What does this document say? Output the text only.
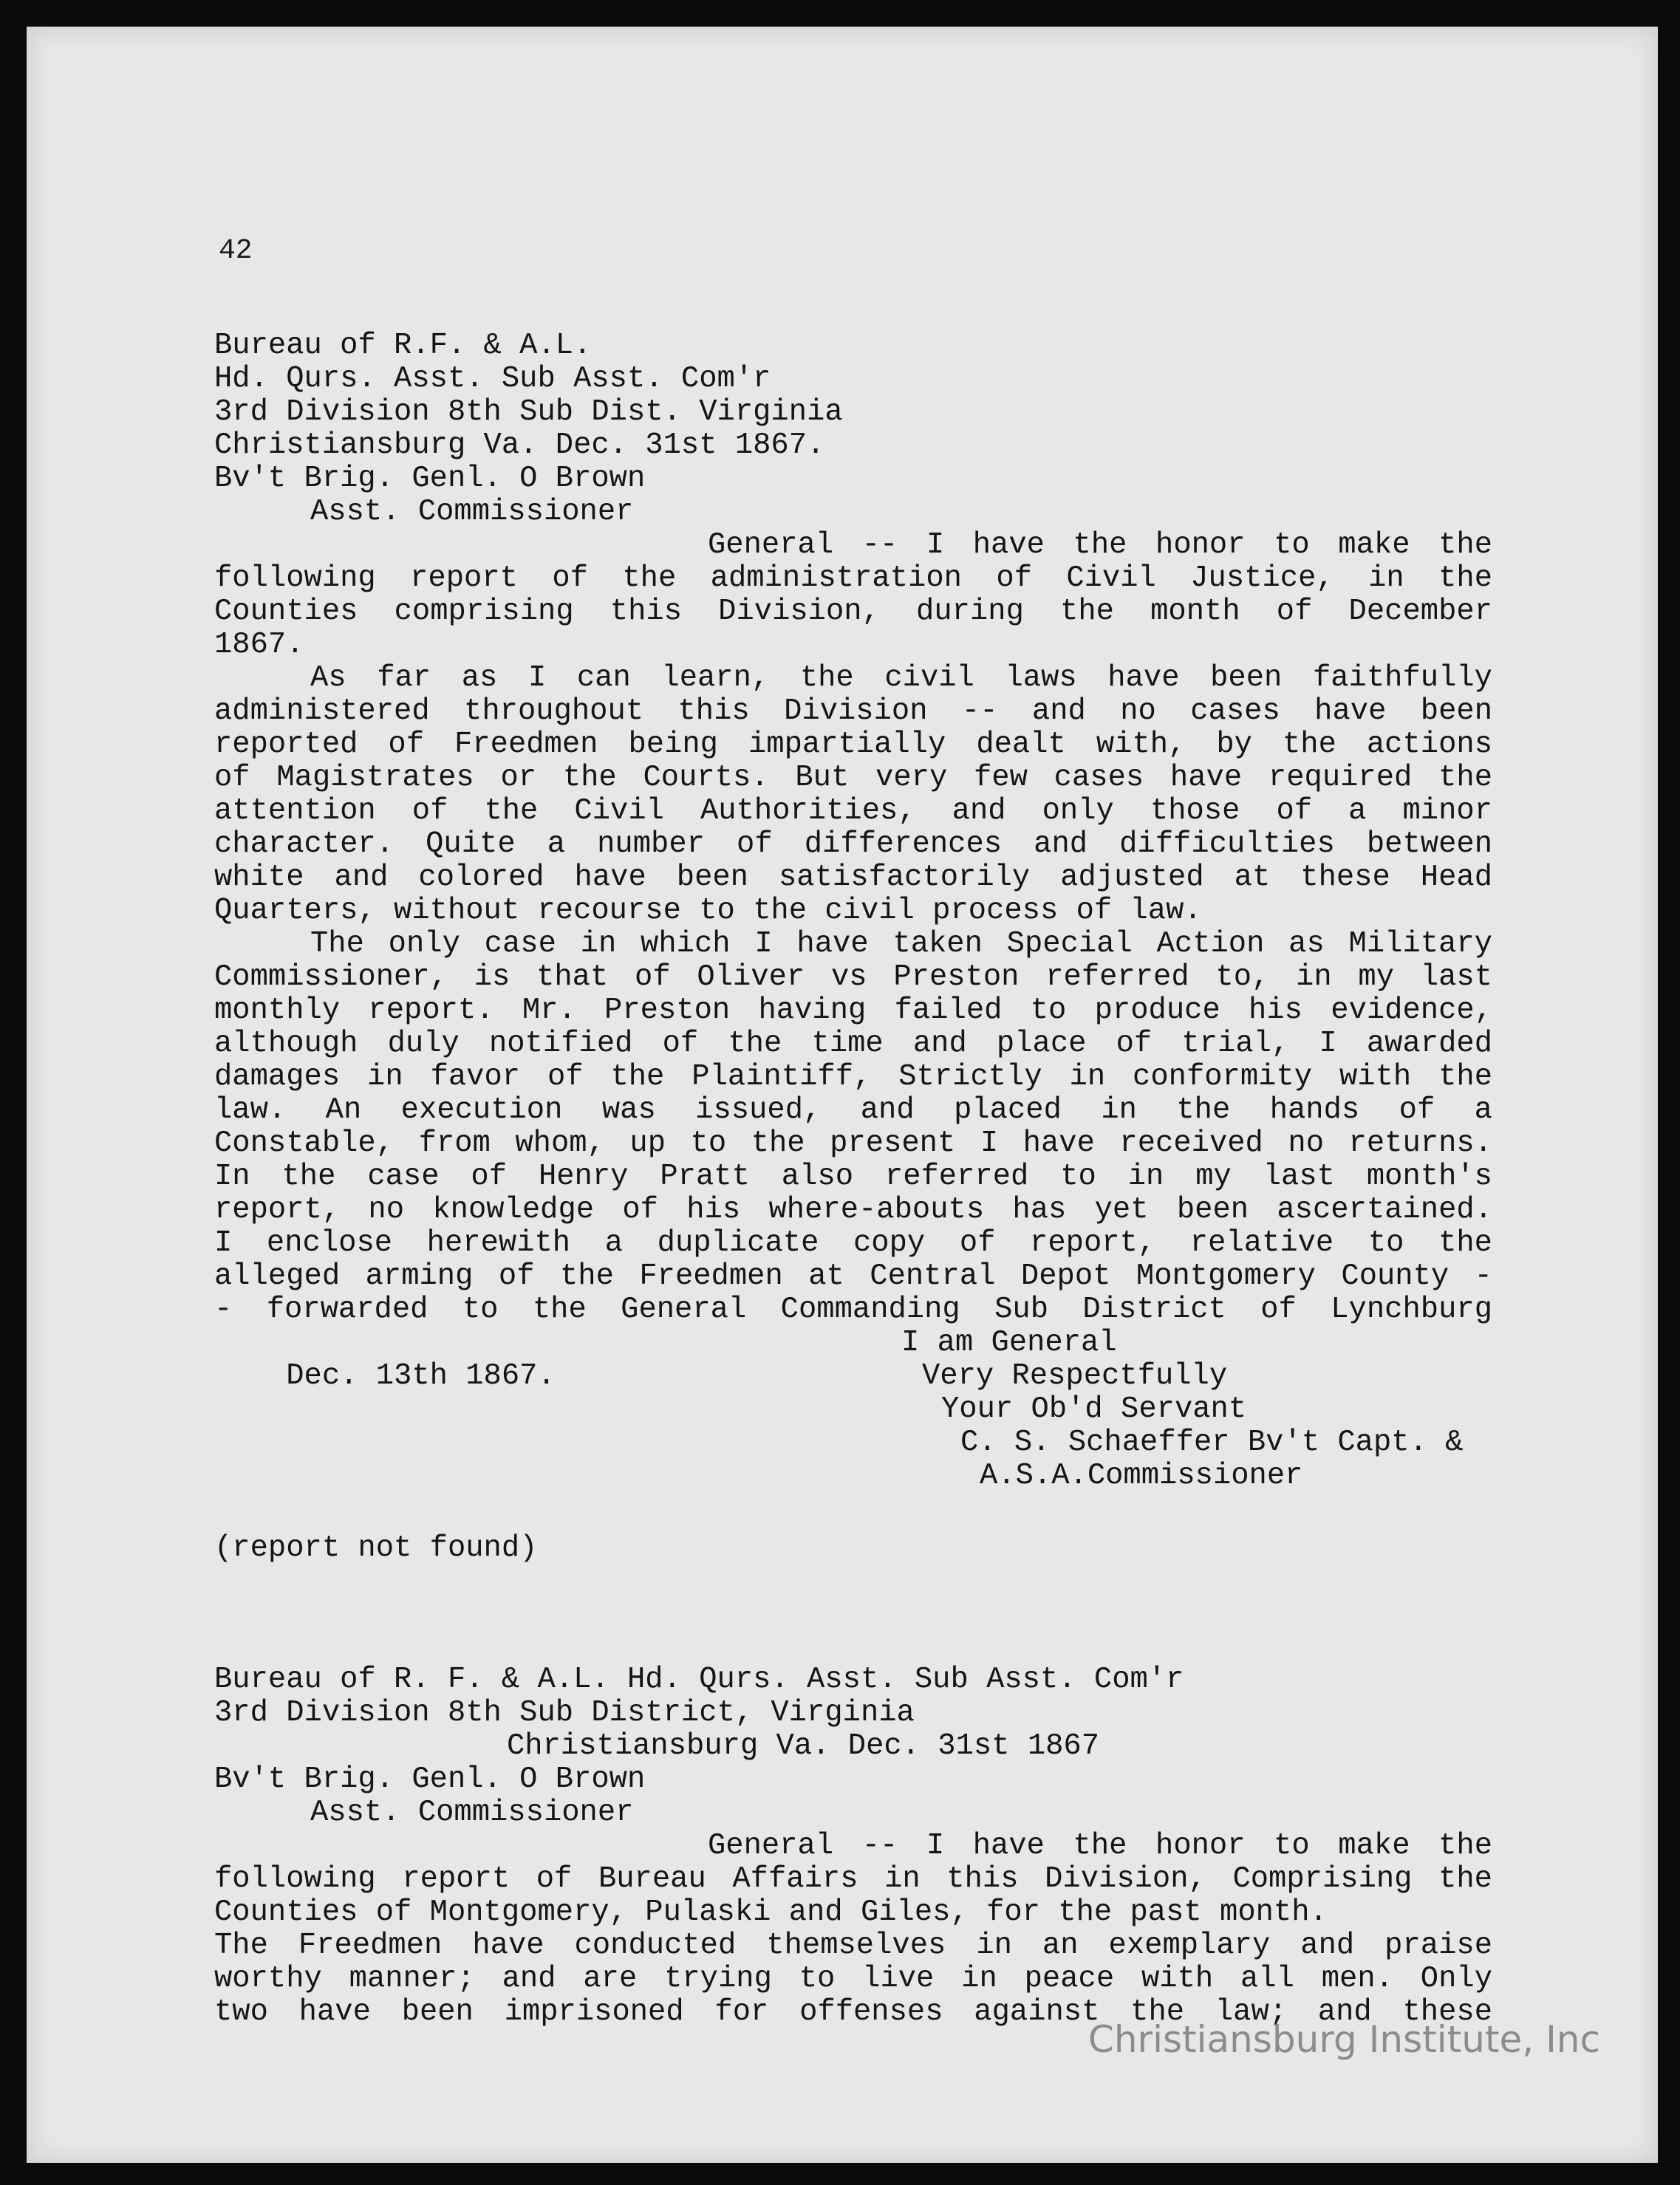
42
Bureau of R.F. & A.L.
Hd. Qurs. Asst. Sub Asst. Com'r
3rd Division 8th Sub Dist. Virginia
Christiansburg Va. Dec. 31st 1867.
Bv't Brig. Genl. O Brown
Asst. Commissioner
General -- I have the honor to make the
following report of the administration of Civil Justice, in the
Counties comprising this Division, during the month of December
1867.
As far as I can learn, the civil laws have been faithfully
administered throughout this Division -- and no cases have been
reported of Freedmen being impartially dealt with, by the actions
of Magistrates or the Courts. But very few cases have required the
attention of the Civil Authorities, and only those of a minor
character. Quite a number of differences and difficulties between
white and colored have been satisfactorily adjusted at these Head
Quarters, without recourse to the civil process of law.
The only case in which I have taken Special Action as Military
Commissioner, is that of Oliver vs Preston referred to, in my last
monthly report. Mr. Preston having failed to produce his evidence,
although duly notified of the time and place of trial, I awarded
damages in favor of the Plaintiff, Strictly in conformity with the
law. An execution was issued, and placed in the hands of a
Constable, from whom, up to the present I have received no returns.
In the case of Henry Pratt also referred to in my last month's
report, no knowledge of his where-abouts has yet been ascertained.
I enclose herewith a duplicate copy of report, relative to the
alleged arming of the Freedmen at Central Depot Montgomery County -
- forwarded to the General Commanding Sub District of Lynchburg

Dec. 13th 1867.

I am General

Very Respectfully
Your Ob'd Servant
C. S. Schaeffer Bv't Capt. &
A.S.A.Commissioner
(report not found)
Bureau of R. F. & A.L. Hd. Qurs. Asst. Sub Asst. Com'r
3rd Division 8th Sub District, Virginia
Christiansburg Va. Dec. 31st 1867
Bv't Brig. Genl. O Brown
Asst. Commissioner
General -- I have the honor to make the
following report of Bureau Affairs in this Division, Comprising the
Counties of Montgomery, Pulaski and Giles, for the past month.
The Freedmen have conducted themselves in an exemplary and praise
worthy manner; and are trying to live in peace with all men. Only
two have been imprisoned for offenses against the law; and these
Christiansburg Institute, Inc
